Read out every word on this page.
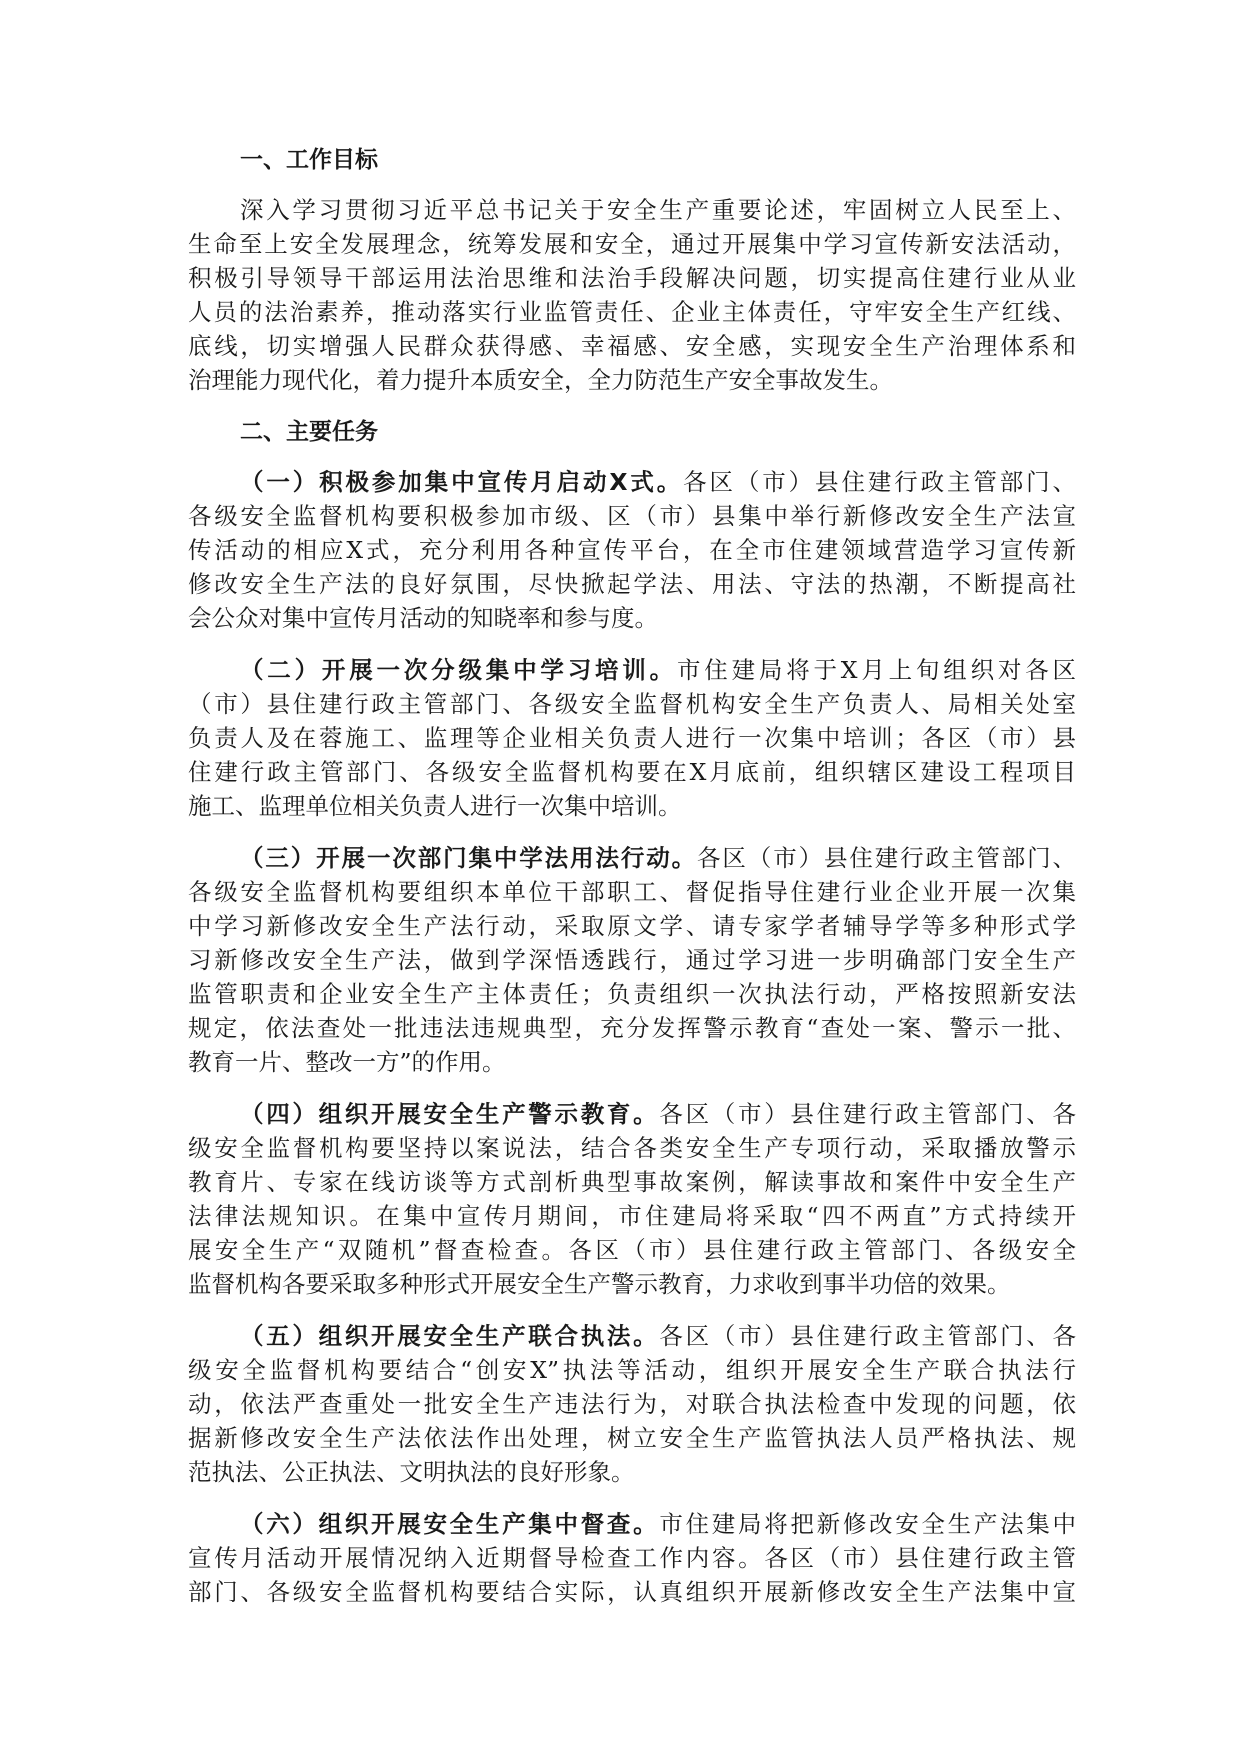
一、工作目标
深入学习贯彻习近平总书记关于安全生产重要论述，牢固树立人民至上、
生命至上安全发展理念，统筹发展和安全，通过开展集中学习宣传新安法活动，
积极引导领导干部运用法治思维和法治手段解决问题，切实提高住建行业从业
人员的法治素养，推动落实行业监管责任、企业主体责任，守牢安全生产红线、
底线，切实增强人民群众获得感、幸福感、安全感，实现安全生产治理体系和
治理能力现代化，着力提升本质安全，全力防范生产安全事故发生。
二、主要任务
（一）积极参加集中宣传月启动X式。各区（市）县住建行政主管部门、
各级安全监督机构要积极参加市级、区（市）县集中举行新修改安全生产法宣
传活动的相应X式，充分利用各种宣传平台，在全市住建领域营造学习宣传新
修改安全生产法的良好氛围，尽快掀起学法、用法、守法的热潮，不断提高社
会公众对集中宣传月活动的知晓率和参与度。
（二）开展一次分级集中学习培训。市住建局将于X月上旬组织对各区
（市）县住建行政主管部门、各级安全监督机构安全生产负责人、局相关处室
负责人及在蓉施工、监理等企业相关负责人进行一次集中培训；各区（市）县
住建行政主管部门、各级安全监督机构要在X月底前，组织辖区建设工程项目
施工、监理单位相关负责人进行一次集中培训。
（三）开展一次部门集中学法用法行动。各区（市）县住建行政主管部门、
各级安全监督机构要组织本单位干部职工、督促指导住建行业企业开展一次集
中学习新修改安全生产法行动，采取原文学、请专家学者辅导学等多种形式学
习新修改安全生产法，做到学深悟透践行，通过学习进一步明确部门安全生产
监管职责和企业安全生产主体责任；负责组织一次执法行动，严格按照新安法
规定，依法查处一批违法违规典型，充分发挥警示教育“查处一案、警示一批、
教育一片、整改一方”的作用。
（四）组织开展安全生产警示教育。各区（市）县住建行政主管部门、各
级安全监督机构要坚持以案说法，结合各类安全生产专项行动，采取播放警示
教育片、专家在线访谈等方式剖析典型事故案例，解读事故和案件中安全生产
法律法规知识。在集中宣传月期间，市住建局将采取“四不两直”方式持续开
展安全生产“双随机”督查检查。各区（市）县住建行政主管部门、各级安全
监督机构各要采取多种形式开展安全生产警示教育，力求收到事半功倍的效果。
（五）组织开展安全生产联合执法。各区（市）县住建行政主管部门、各
级安全监督机构要结合“创安X”执法等活动，组织开展安全生产联合执法行
动，依法严查重处一批安全生产违法行为，对联合执法检查中发现的问题，依
据新修改安全生产法依法作出处理，树立安全生产监管执法人员严格执法、规
范执法、公正执法、文明执法的良好形象。
（六）组织开展安全生产集中督查。市住建局将把新修改安全生产法集中
宣传月活动开展情况纳入近期督导检查工作内容。各区（市）县住建行政主管
部门、各级安全监督机构要结合实际，认真组织开展新修改安全生产法集中宣
